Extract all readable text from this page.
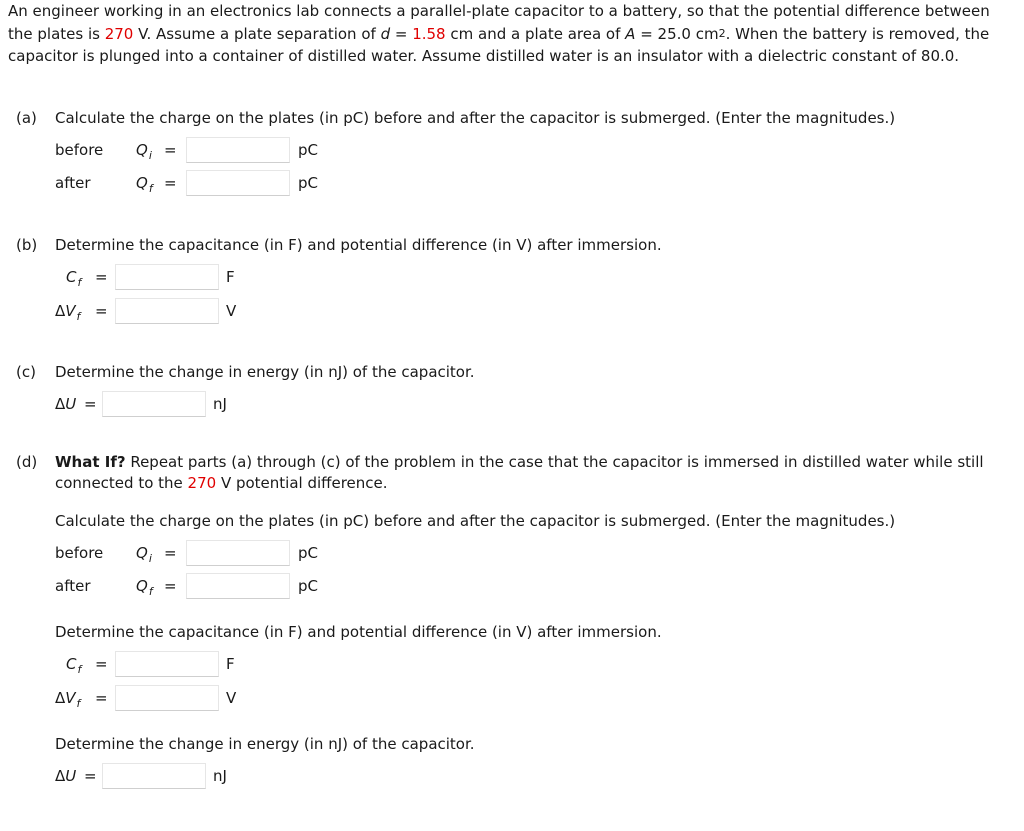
An engineer working in an electronics lab connects a parallel-plate capacitor to a battery, so that the potential difference between the plates is 270 V. Assume a plate separation of d = 1.58 cm and a plate area of A = 25.0 $cm^2$. When the battery is removed, the capacitor is plunged into a container of distilled water. Assume distilled water is an insulator with a dielectric constant of 80.0.
(a) Calculate the charge on the plates (in pC) before and after the capacitor is submerged. (Enter the magnitudes.)
before $Q_i$ =	pC
after	$Q_f$ =	pC
(b) Determine the capacitance (in F) and potential difference (in V) after immersion.
$C_f$ =	F
$\Delta V_f$ =	V
(c) Determine the change in energy (in nJ) of the capacitor.
ΔU =	nJ
(d) What If? Repeat parts (a) through (c) of the problem in the case that the capacitor is immersed in distilled water while still connected to the 270 V potential difference.
Calculate the charge on the plates (in pC) before and after the capacitor is submerged. (Enter the magnitudes.)
before $Q_i$ =	pC
after	$Q_f$ =	pC
Determine the capacitance (in F) and potential difference (in V) after immersion.
$C_f$ =	F
$\Delta V_f$ =	V
Determine the change in energy (in nJ) of the capacitor.
ΔU =	nJ
